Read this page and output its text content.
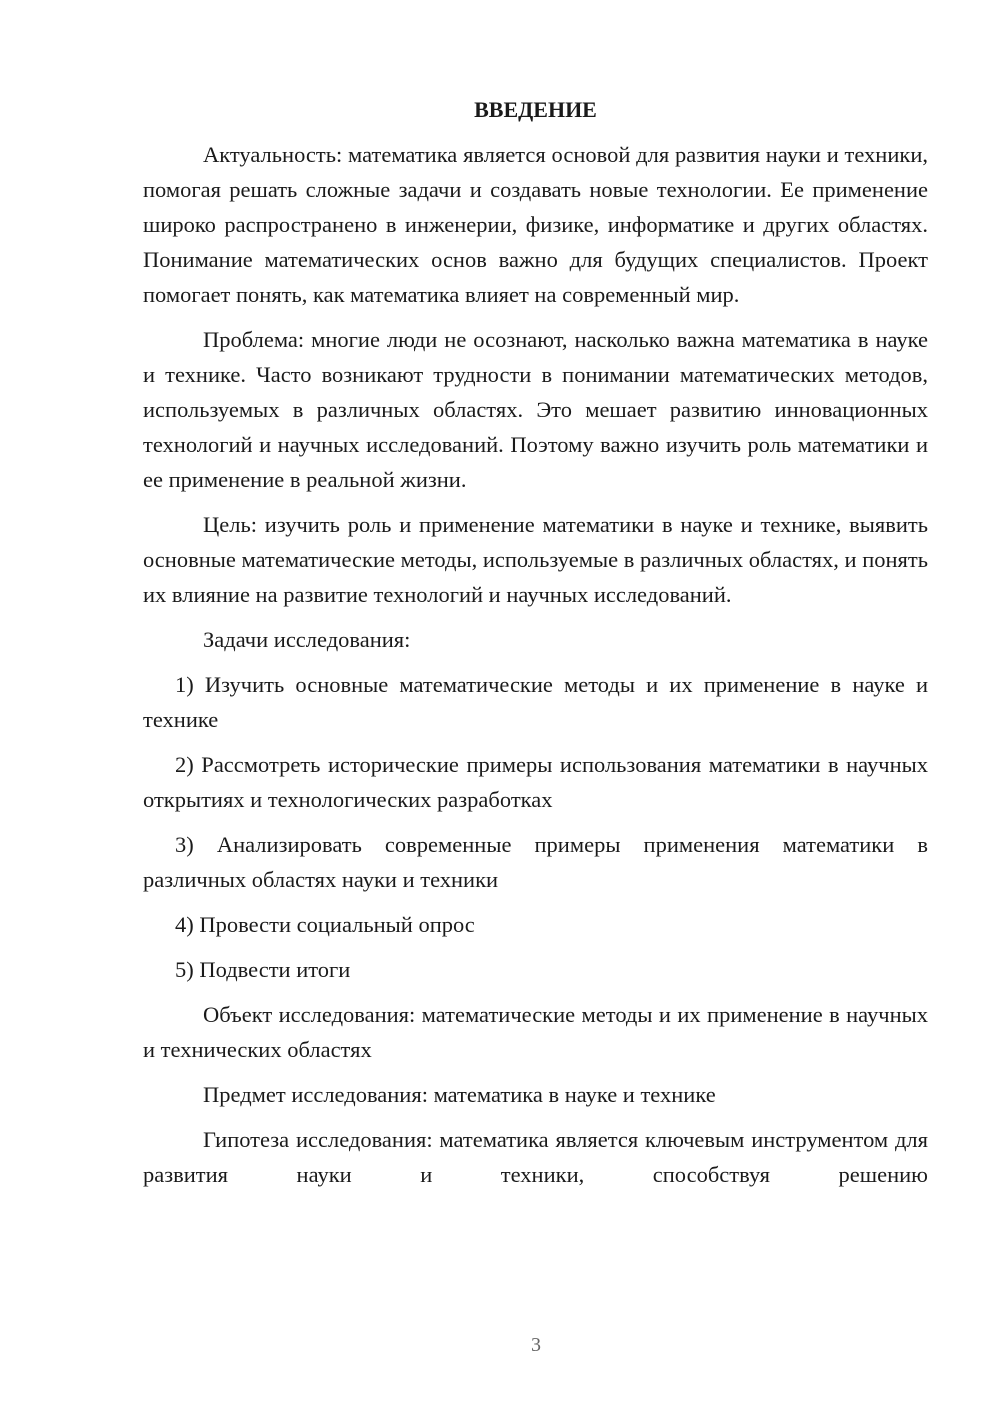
ВВЕДЕНИЕ

Актуальность: математика является основой для развития науки и техники, помогая решать сложные задачи и создавать новые технологии. Ее применение широко распространено в инженерии, физике, информатике и других областях. Понимание математических основ важно для будущих специалистов. Проект помогает понять, как математика влияет на современный мир.

Проблема: многие люди не осознают, насколько важна математика в науке и технике. Часто возникают трудности в понимании математических методов, используемых в различных областях. Это мешает развитию инновационных технологий и научных исследований. Поэтому важно изучить роль математики и ее применение в реальной жизни.

Цель: изучить роль и применение математики в науке и технике, выявить основные математические методы, используемые в различных областях, и понять их влияние на развитие технологий и научных исследований.

Задачи исследования:

1) Изучить основные математические методы и их применение в науке и технике

2) Рассмотреть исторические примеры использования математики в научных открытиях и технологических разработках

3) Анализировать современные примеры применения математики в различных областях науки и техники

4) Провести социальный опрос

5) Подвести итоги

Объект исследования: математические методы и их применение в научных и технических областях

Предмет исследования: математика в науке и технике

Гипотеза исследования: математика является ключевым инструментом для развития науки и техники, способствуя решению

3
